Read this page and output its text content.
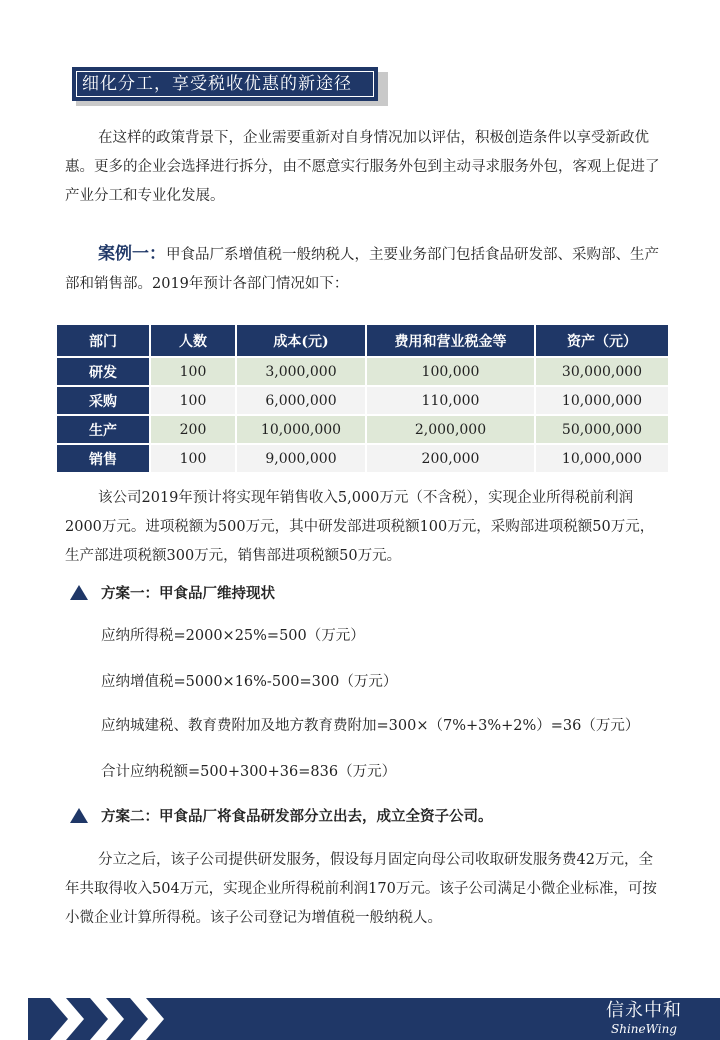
细化分工，享受税收优惠的新途径

在这样的政策背景下，企业需要重新对自身情况加以评估，积极创造条件以享受新政优惠。更多的企业会选择进行拆分，由不愿意实行服务外包到主动寻求服务外包，客观上促进了产业分工和专业化发展。

案例一：甲食品厂系增值税一般纳税人，主要业务部门包括食品研发部、采购部、生产部和销售部。2019年预计各部门情况如下：

部门	人数	成本(元)	费用和营业税金等	资产（元）
研发	100	3,000,000	100,000	30,000,000
采购	100	6,000,000	110,000	10,000,000
生产	200	10,000,000	2,000,000	50,000,000
销售	100	9,000,000	200,000	10,000,000

该公司2019年预计将实现年销售收入5,000万元（不含税），实现企业所得税前利润2000万元。进项税额为500万元，其中研发部进项税额100万元，采购部进项税额50万元，生产部进项税额300万元，销售部进项税额50万元。

方案一：甲食品厂维持现状
应纳所得税=2000×25%=500（万元）
应纳增值税=5000×16%-500=300（万元）
应纳城建税、教育费附加及地方教育费附加=300×（7%+3%+2%）=36（万元）
合计应纳税额=500+300+36=836（万元）
方案二：甲食品厂将食品研发部分立出去，成立全资子公司。

分立之后，该子公司提供研发服务，假设每月固定向母公司收取研发服务费42万元，全年共取得收入504万元，实现企业所得税前利润170万元。该子公司满足小微企业标准，可按小微企业计算所得税。该子公司登记为增值税一般纳税人。

信永中和
ShineWing
